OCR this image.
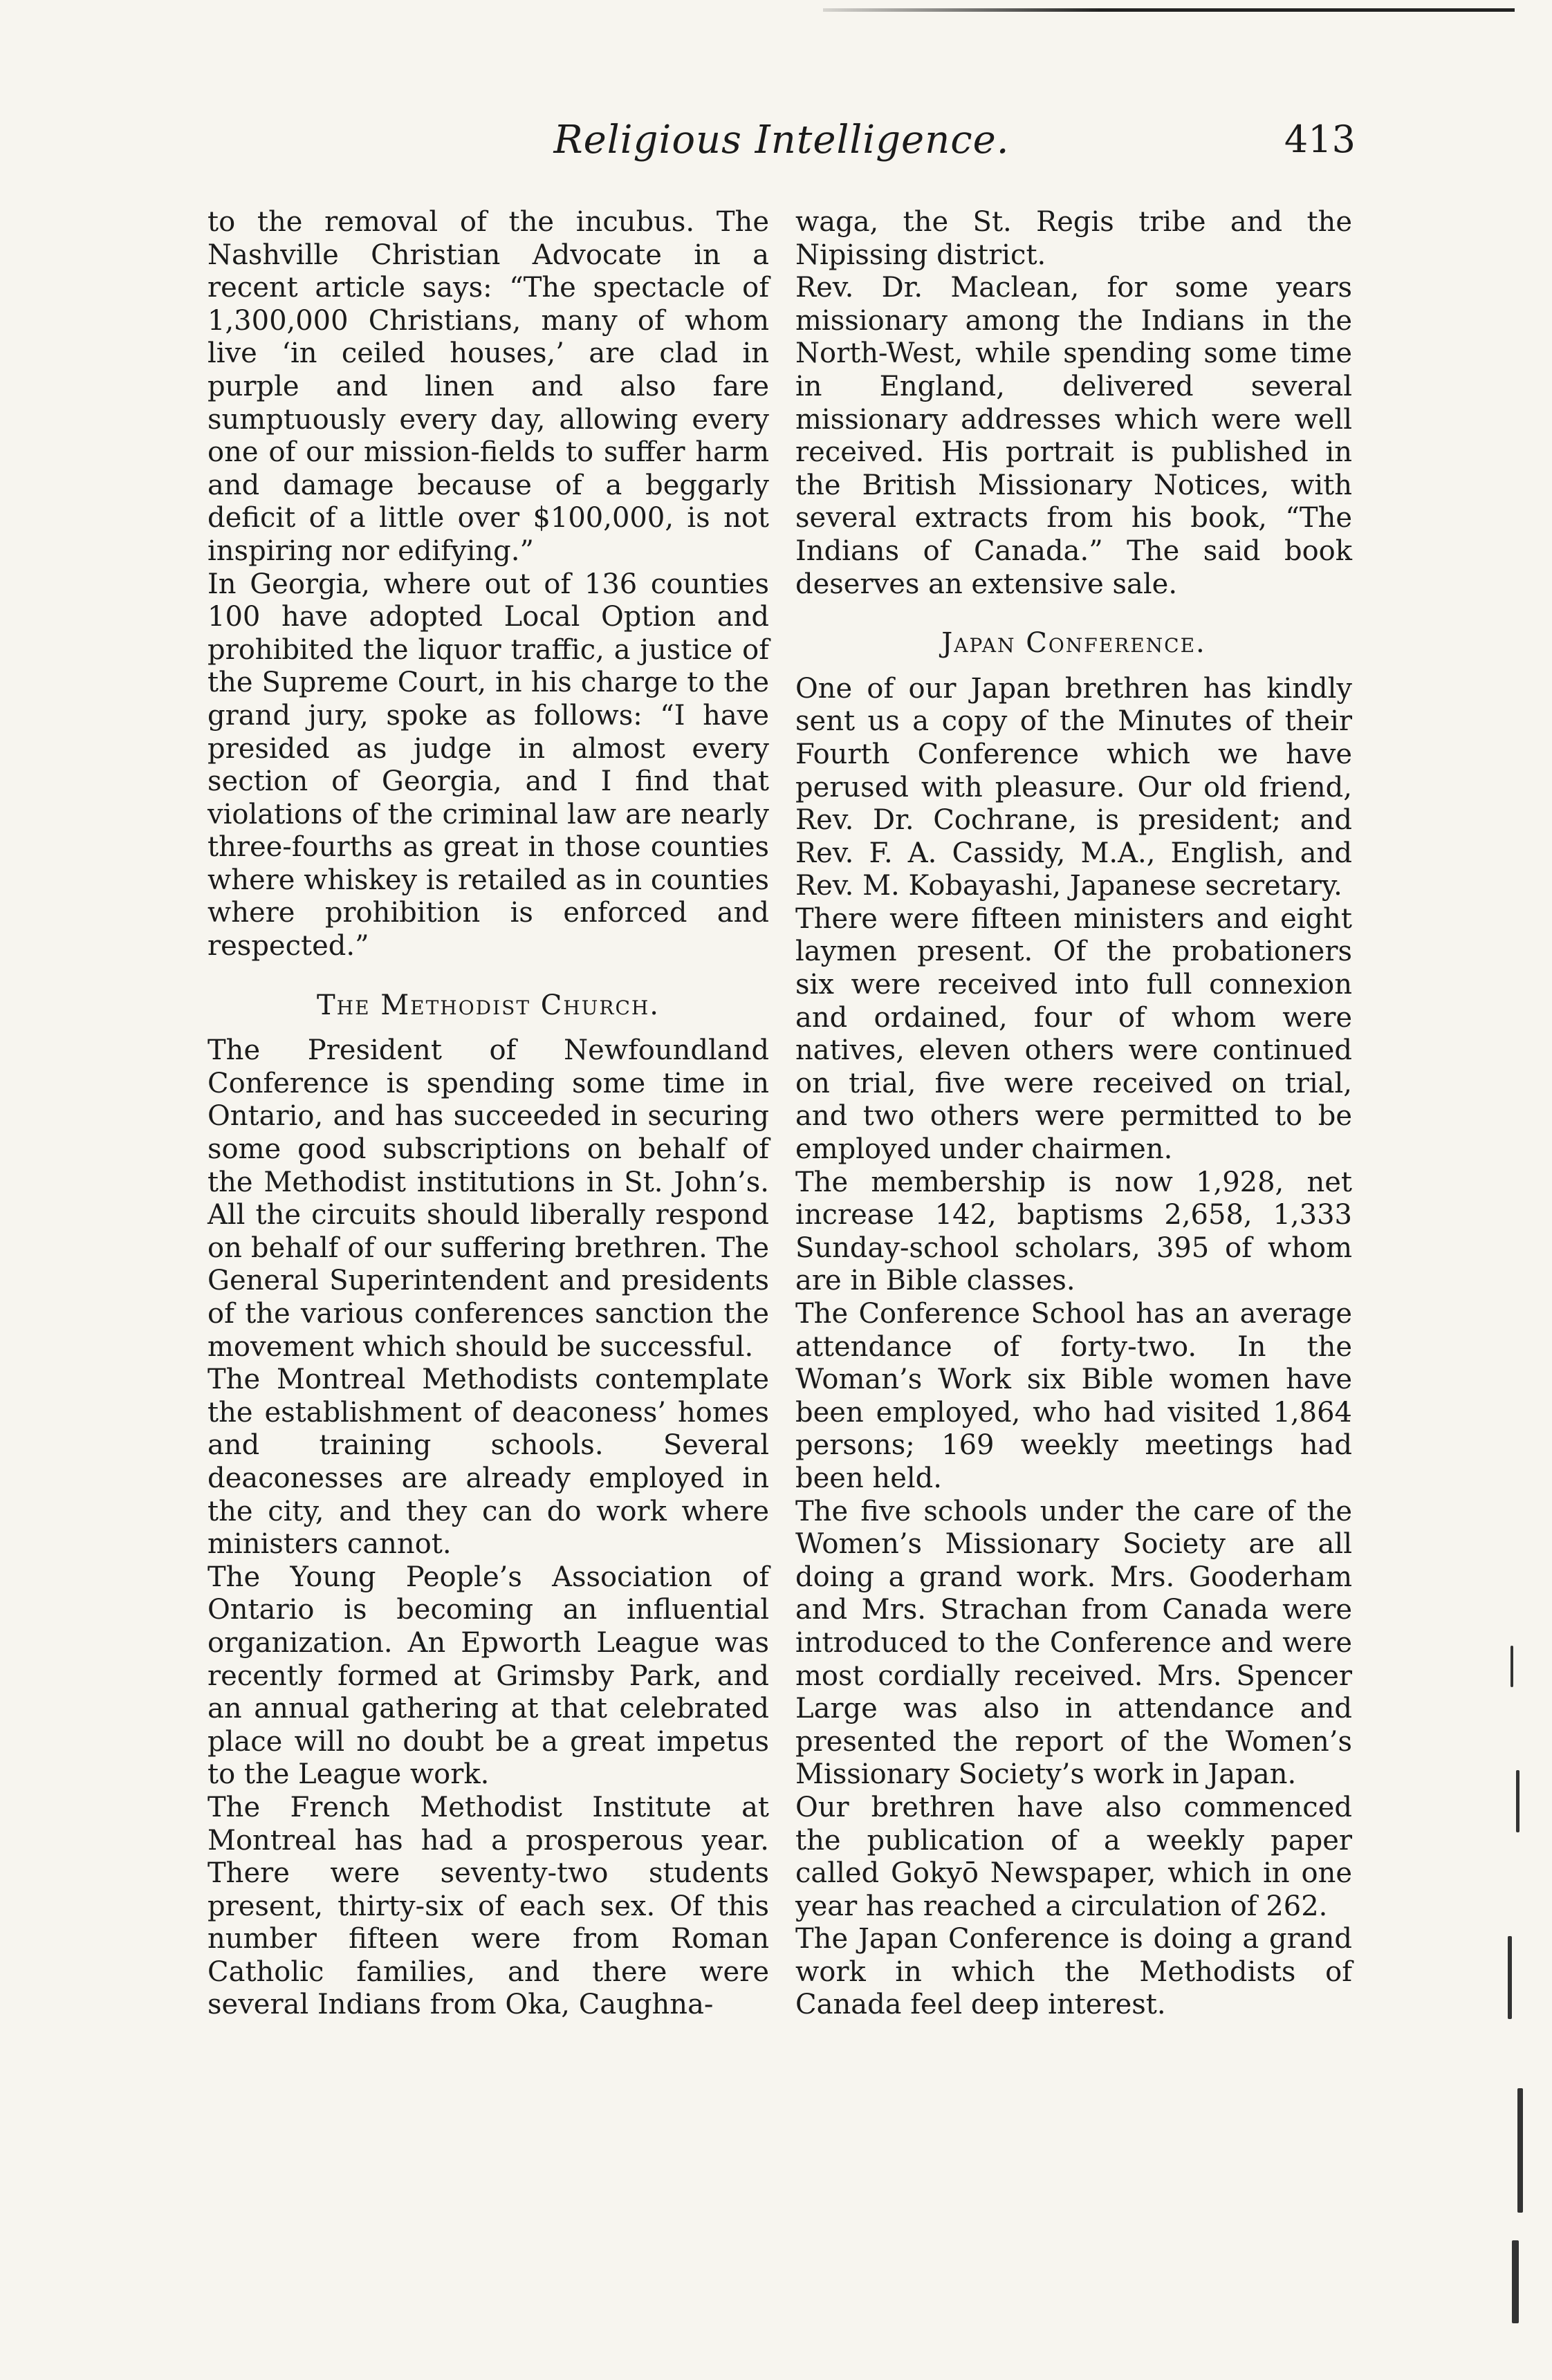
Religious Intelligence.	413

to the removal of the incubus. The Nashville Christian Advocate in a recent article says: “The spectacle of 1,300,000 Christians, many of whom live ‘in ceiled houses,’ are clad in purple and linen and also fare sumptuously every day, allowing every one of our mission-fields to suffer harm and damage because of a beggarly deficit of a little over $100,000, is not inspiring nor edifying.”

In Georgia, where out of 136 counties 100 have adopted Local Option and prohibited the liquor traffic, a justice of the Supreme Court, in his charge to the grand jury, spoke as follows: “I have presided as judge in almost every section of Georgia, and I find that violations of the criminal law are nearly three-fourths as great in those counties where whiskey is retailed as in counties where prohibition is enforced and respected.”

The Methodist Church.

The President of Newfoundland Conference is spending some time in Ontario, and has succeeded in securing some good subscriptions on behalf of the Methodist institutions in St. John’s. All the circuits should liberally respond on behalf of our suffering brethren. The General Superintendent and presidents of the various conferences sanction the movement which should be successful.

The Montreal Methodists contemplate the establishment of deaconess’ homes and training schools. Several deaconesses are already employed in the city, and they can do work where ministers cannot.

The Young People’s Association of Ontario is becoming an influential organization. An Epworth League was recently formed at Grimsby Park, and an annual gathering at that celebrated place will no doubt be a great impetus to the League work.

The French Methodist Institute at Montreal has had a prosperous year. There were seventy-two students present, thirty-six of each sex. Of this number fifteen were from Roman Catholic families, and there were several Indians from Oka, Caughna-

waga, the St. Regis tribe and the Nipissing district.

Rev. Dr. Maclean, for some years missionary among the Indians in the North-West, while spending some time in England, delivered several missionary addresses which were well received. His portrait is published in the British Missionary Notices, with several extracts from his book, “The Indians of Canada.” The said book deserves an extensive sale.

Japan Conference.

One of our Japan brethren has kindly sent us a copy of the Minutes of their Fourth Conference which we have perused with pleasure. Our old friend, Rev. Dr. Cochrane, is president; and Rev. F. A. Cassidy, M.A., English, and Rev. M. Kobayashi, Japanese secretary.

There were fifteen ministers and eight laymen present. Of the probationers six were received into full connexion and ordained, four of whom were natives, eleven others were continued on trial, five were received on trial, and two others were permitted to be employed under chairmen.

The membership is now 1,928, net increase 142, baptisms 2,658, 1,333 Sunday-school scholars, 395 of whom are in Bible classes.

The Conference School has an average attendance of forty-two. In the Woman’s Work six Bible women have been employed, who had visited 1,864 persons; 169 weekly meetings had been held.

The five schools under the care of the Women’s Missionary Society are all doing a grand work. Mrs. Gooderham and Mrs. Strachan from Canada were introduced to the Conference and were most cordially received. Mrs. Spencer Large was also in attendance and presented the report of the Women’s Missionary Society’s work in Japan.

Our brethren have also commenced the publication of a weekly paper called Gokyō Newspaper, which in one year has reached a circulation of 262.

The Japan Conference is doing a grand work in which the Methodists of Canada feel deep interest.
